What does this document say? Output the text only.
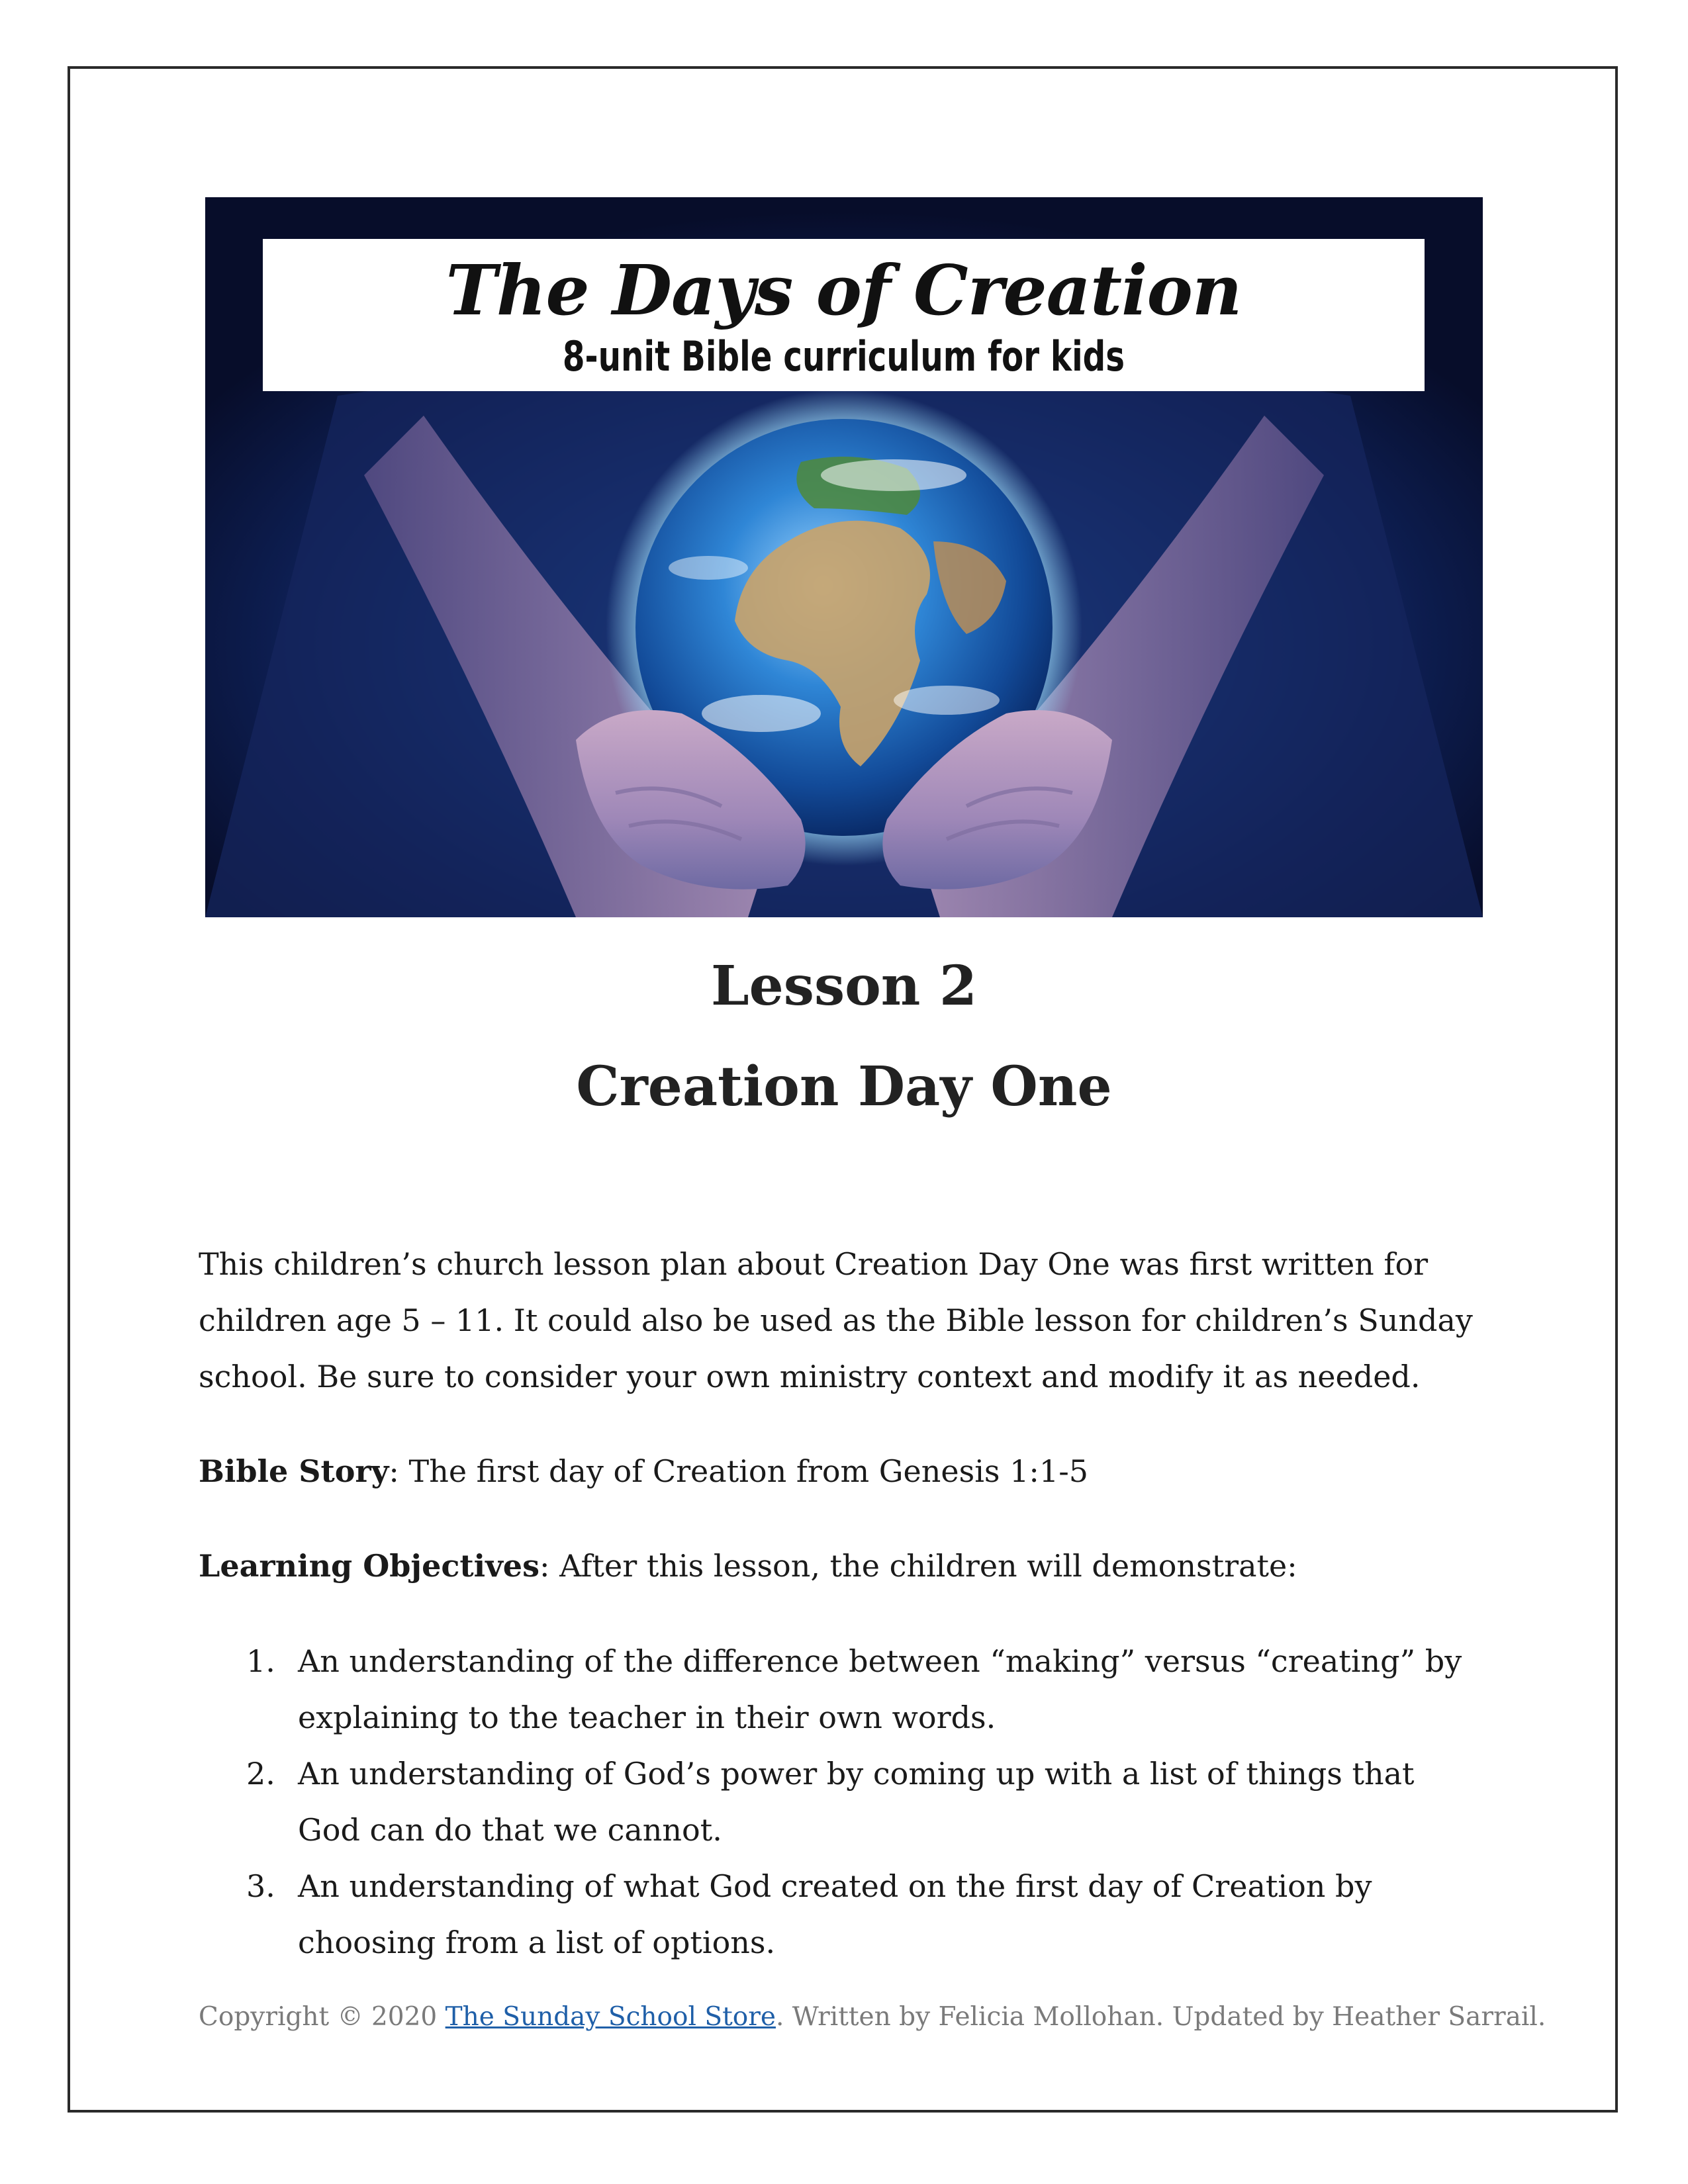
The Days of Creation
8-unit Bible curriculum for kids
Lesson 2
Creation Day One

This children’s church lesson plan about Creation Day One was first written for children age 5 – 11. It could also be used as the Bible lesson for children’s Sunday school. Be sure to consider your own ministry context and modify it as needed.

Bible Story: The first day of Creation from Genesis 1:1-5

Learning Objectives: After this lesson, the children will demonstrate:

1. An understanding of the difference between “making” versus “creating” by explaining to the teacher in their own words.
2. An understanding of God’s power by coming up with a list of things that God can do that we cannot.
3. An understanding of what God created on the first day of Creation by choosing from a list of options.
Copyright © 2020 The Sunday School Store. Written by Felicia Mollohan. Updated by Heather Sarrail.
